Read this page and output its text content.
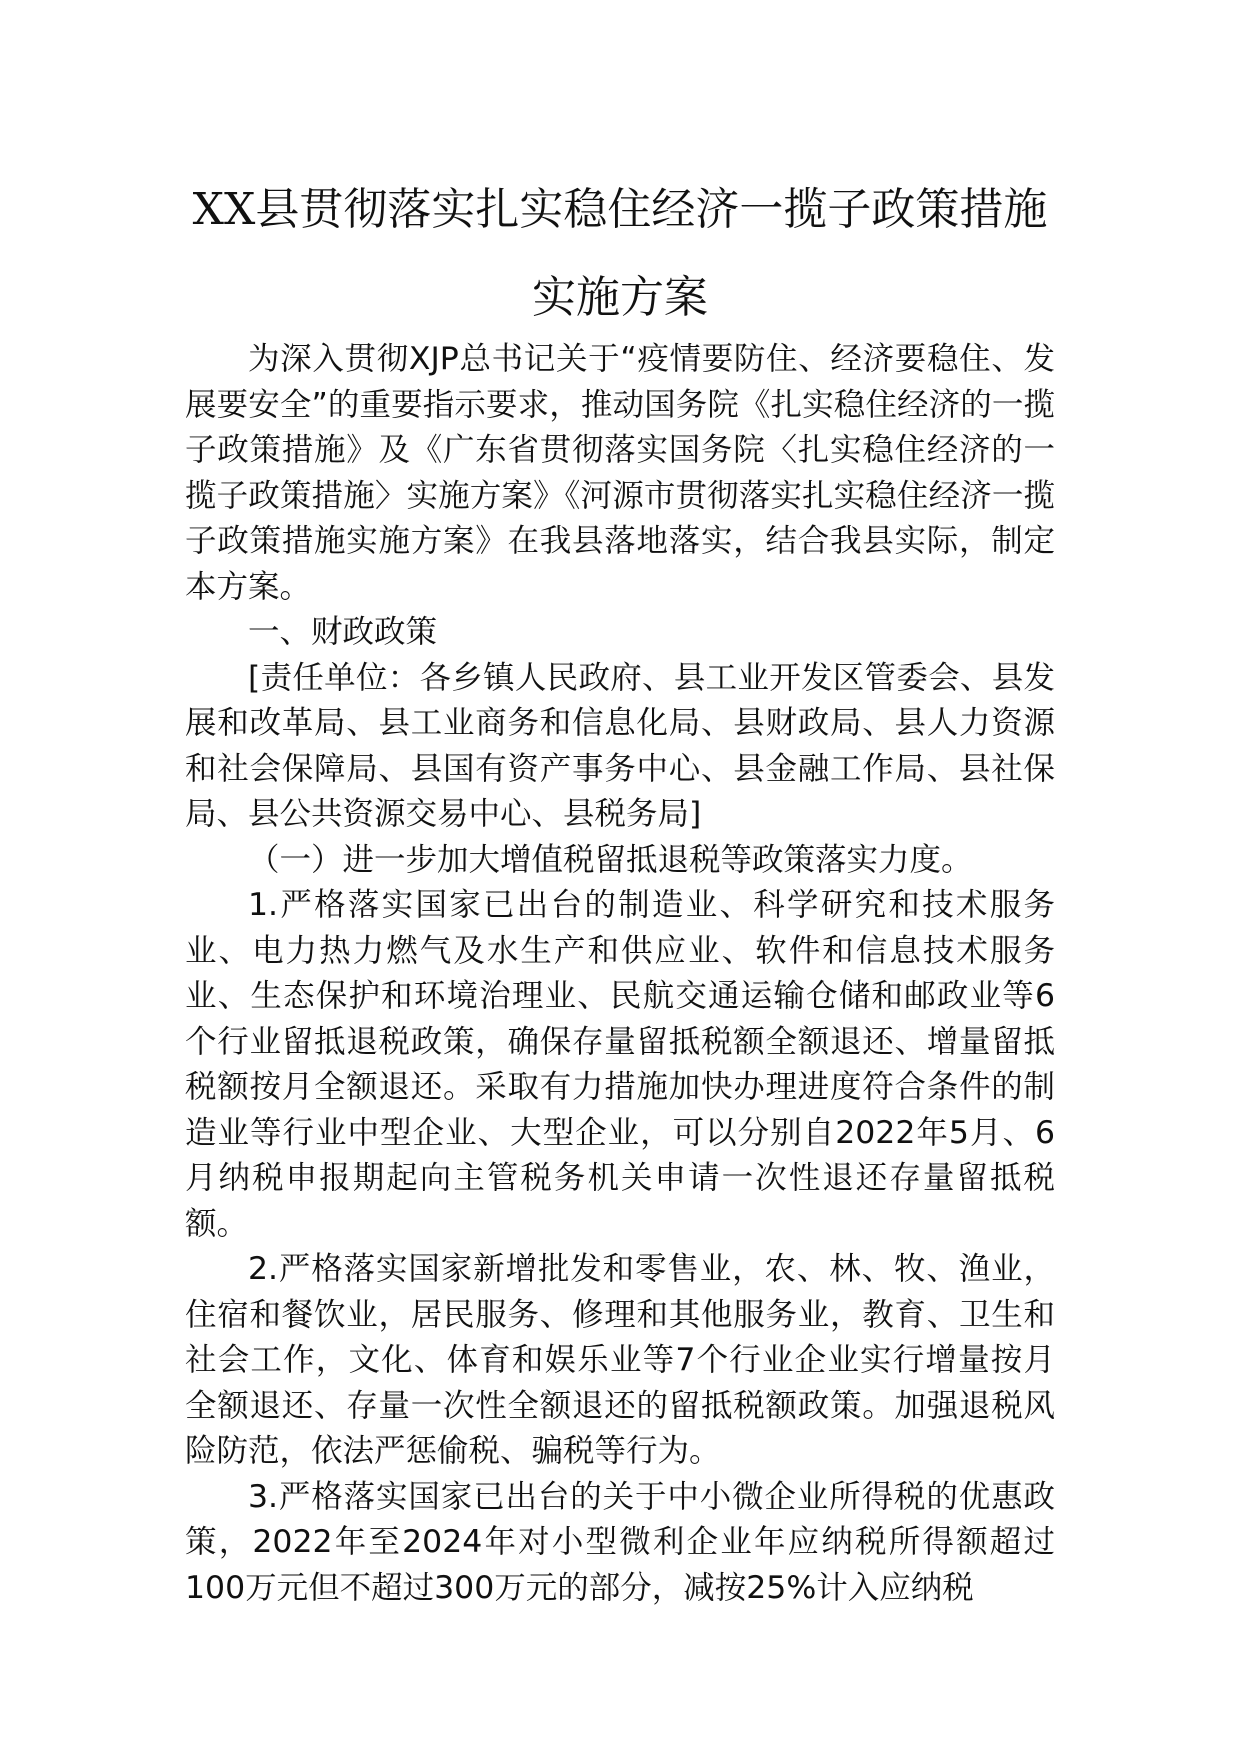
XX县贯彻落实扎实稳住经济一揽子政策措施实施方案

为深入贯彻XJP总书记关于“疫情要防住、经济要稳住、发展要安全”的重要指示要求，推动国务院《扎实稳住经济的一揽子政策措施》及《广东省贯彻落实国务院〈扎实稳住经济的一揽子政策措施〉实施方案》《河源市贯彻落实扎实稳住经济一揽子政策措施实施方案》在我县落地落实，结合我县实际，制定本方案。

一、财政政策

[责任单位：各乡镇人民政府、县工业开发区管委会、县发展和改革局、县工业商务和信息化局、县财政局、县人力资源和社会保障局、县国有资产事务中心、县金融工作局、县社保局、县公共资源交易中心、县税务局]

（一）进一步加大增值税留抵退税等政策落实力度。

1.严格落实国家已出台的制造业、科学研究和技术服务业、电力热力燃气及水生产和供应业、软件和信息技术服务业、生态保护和环境治理业、民航交通运输仓储和邮政业等6个行业留抵退税政策，确保存量留抵税额全额退还、增量留抵税额按月全额退还。采取有力措施加快办理进度符合条件的制造业等行业中型企业、大型企业，可以分别自2022年5月、6月纳税申报期起向主管税务机关申请一次性退还存量留抵税额。

2.严格落实国家新增批发和零售业，农、林、牧、渔业，住宿和餐饮业，居民服务、修理和其他服务业，教育、卫生和社会工作，文化、体育和娱乐业等7个行业企业实行增量按月全额退还、存量一次性全额退还的留抵税额政策。加强退税风险防范，依法严惩偷税、骗税等行为。

3.严格落实国家已出台的关于中小微企业所得税的优惠政策，2022年至2024年对小型微利企业年应纳税所得额超过100万元但不超过300万元的部分，减按25%计入应纳税
